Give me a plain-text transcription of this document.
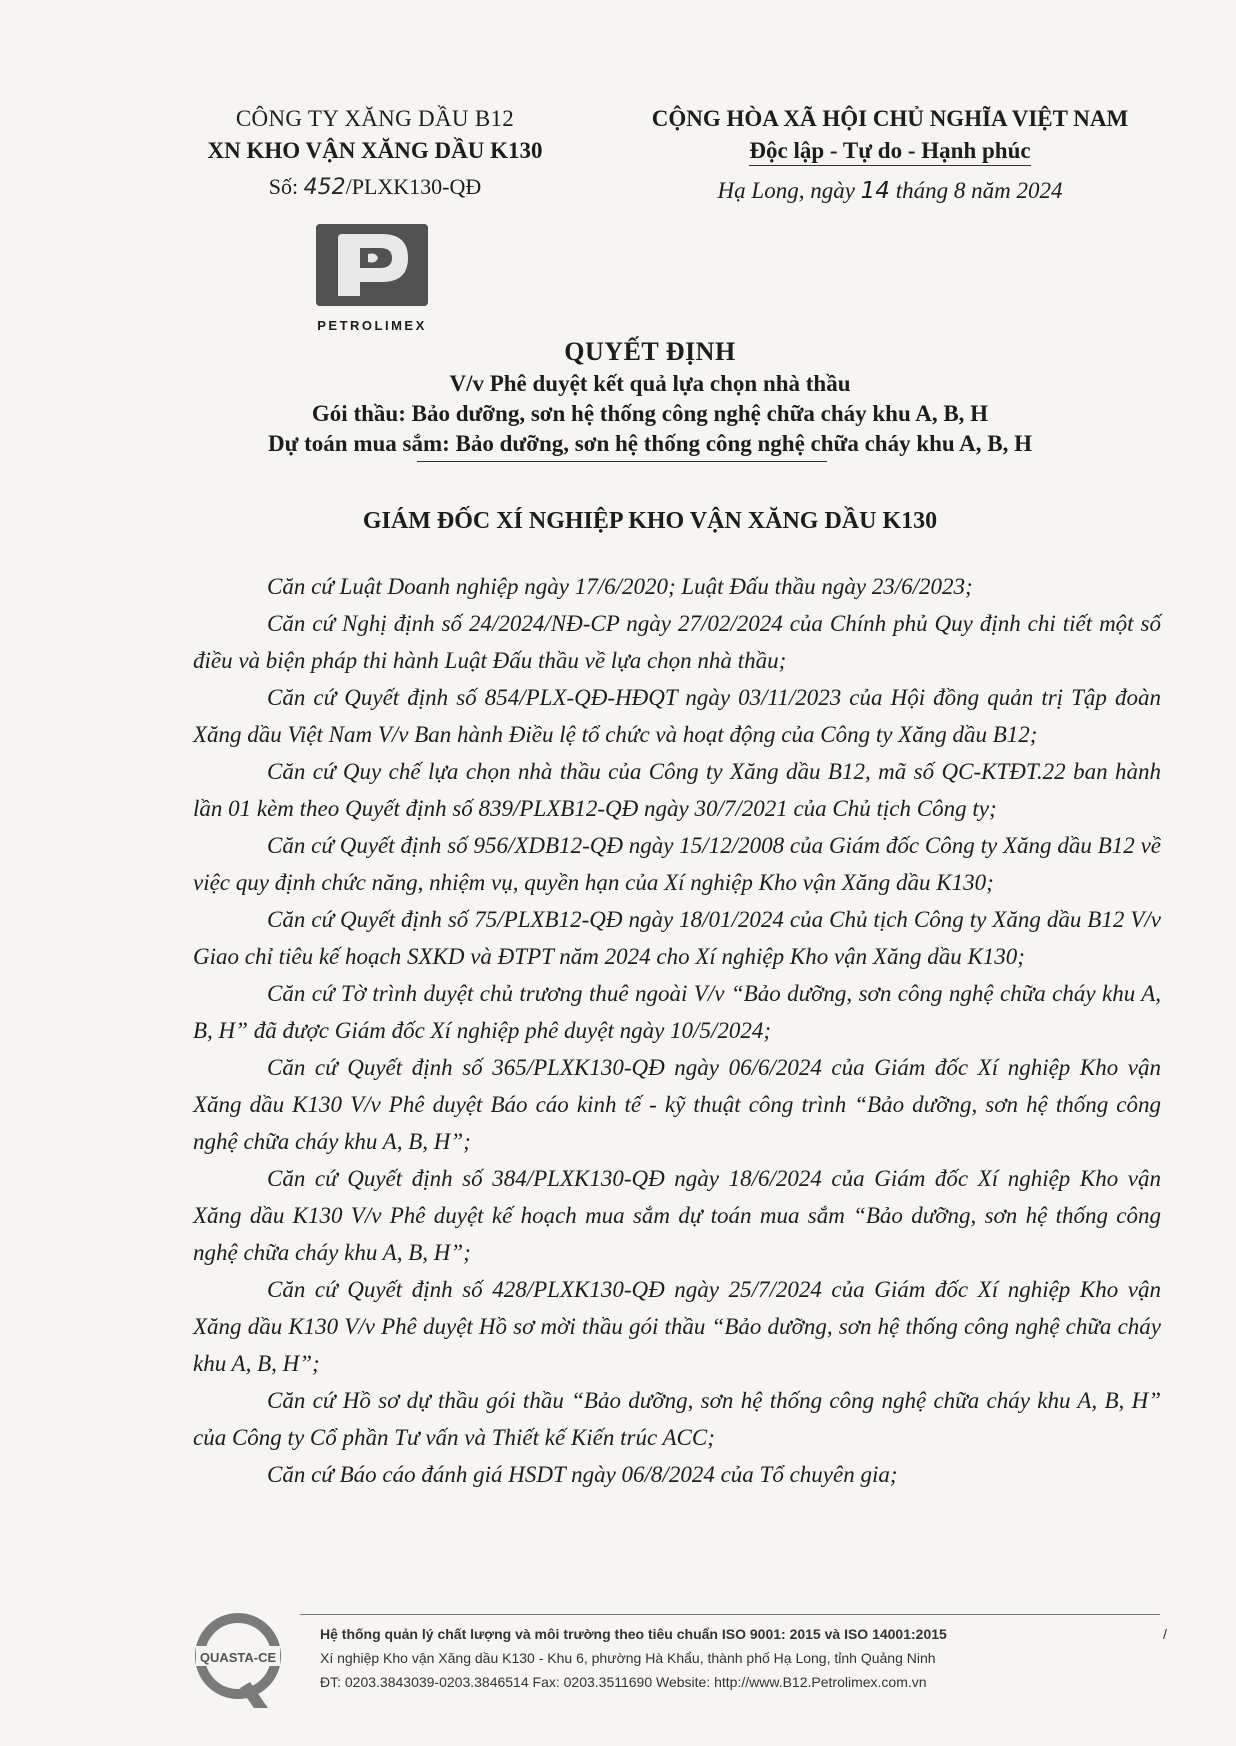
CÔNG TY XĂNG DẦU B12
XN KHO VẬN XĂNG DẦU K130
Số: 452/PLXK130-QĐ
PETROLIMEX
CỘNG HÒA XÃ HỘI CHỦ NGHĨA VIỆT NAM
Độc lập - Tự do - Hạnh phúc
Hạ Long, ngày 14 tháng 8 năm 2024
QUYẾT ĐỊNH
V/v Phê duyệt kết quả lựa chọn nhà thầu
Gói thầu: Bảo dưỡng, sơn hệ thống công nghệ chữa cháy khu A, B, H
Dự toán mua sắm: Bảo dưỡng, sơn hệ thống công nghệ chữa cháy khu A, B, H
GIÁM ĐỐC XÍ NGHIỆP KHO VẬN XĂNG DẦU K130

Căn cứ Luật Doanh nghiệp ngày 17/6/2020; Luật Đấu thầu ngày 23/6/2023;

Căn cứ Nghị định số 24/2024/NĐ-CP ngày 27/02/2024 của Chính phủ Quy định chi tiết một số điều và biện pháp thi hành Luật Đấu thầu về lựa chọn nhà thầu;

Căn cứ Quyết định số 854/PLX-QĐ-HĐQT ngày 03/11/2023 của Hội đồng quản trị Tập đoàn Xăng dầu Việt Nam V/v Ban hành Điều lệ tổ chức và hoạt động của Công ty Xăng dầu B12;

Căn cứ Quy chế lựa chọn nhà thầu của Công ty Xăng dầu B12, mã số QC-KTĐT.22 ban hành lần 01 kèm theo Quyết định số 839/PLXB12-QĐ ngày 30/7/2021 của Chủ tịch Công ty;

Căn cứ Quyết định số 956/XDB12-QĐ ngày 15/12/2008 của Giám đốc Công ty Xăng dầu B12 về việc quy định chức năng, nhiệm vụ, quyền hạn của Xí nghiệp Kho vận Xăng dầu K130;

Căn cứ Quyết định số 75/PLXB12-QĐ ngày 18/01/2024 của Chủ tịch Công ty Xăng dầu B12 V/v Giao chỉ tiêu kế hoạch SXKD và ĐTPT năm 2024 cho Xí nghiệp Kho vận Xăng dầu K130;

Căn cứ Tờ trình duyệt chủ trương thuê ngoài V/v “Bảo dưỡng, sơn công nghệ chữa cháy khu A, B, H” đã được Giám đốc Xí nghiệp phê duyệt ngày 10/5/2024;

Căn cứ Quyết định số 365/PLXK130-QĐ ngày 06/6/2024 của Giám đốc Xí nghiệp Kho vận Xăng dầu K130 V/v Phê duyệt Báo cáo kinh tế - kỹ thuật công trình “Bảo dưỡng, sơn hệ thống công nghệ chữa cháy khu A, B, H”;

Căn cứ Quyết định số 384/PLXK130-QĐ ngày 18/6/2024 của Giám đốc Xí nghiệp Kho vận Xăng dầu K130 V/v Phê duyệt kế hoạch mua sắm dự toán mua sắm “Bảo dưỡng, sơn hệ thống công nghệ chữa cháy khu A, B, H”;

Căn cứ Quyết định số 428/PLXK130-QĐ ngày 25/7/2024 của Giám đốc Xí nghiệp Kho vận Xăng dầu K130 V/v Phê duyệt Hồ sơ mời thầu gói thầu “Bảo dưỡng, sơn hệ thống công nghệ chữa cháy khu A, B, H”;

Căn cứ Hồ sơ dự thầu gói thầu “Bảo dưỡng, sơn hệ thống công nghệ chữa cháy khu A, B, H” của Công ty Cổ phần Tư vấn và Thiết kế Kiến trúc ACC;

Căn cứ Báo cáo đánh giá HSDT ngày 06/8/2024 của Tổ chuyên gia;

QUASTA-CE
Hệ thống quản lý chất lượng và môi trường theo tiêu chuẩn ISO 9001: 2015 và ISO 14001:2015
Xí nghiệp Kho vận Xăng dầu K130 - Khu 6, phường Hà Khẩu, thành phố Hạ Long, tỉnh Quảng Ninh
ĐT: 0203.3843039-0203.3846514 Fax: 0203.3511690 Website: http://www.B12.Petrolimex.com.vn
/
